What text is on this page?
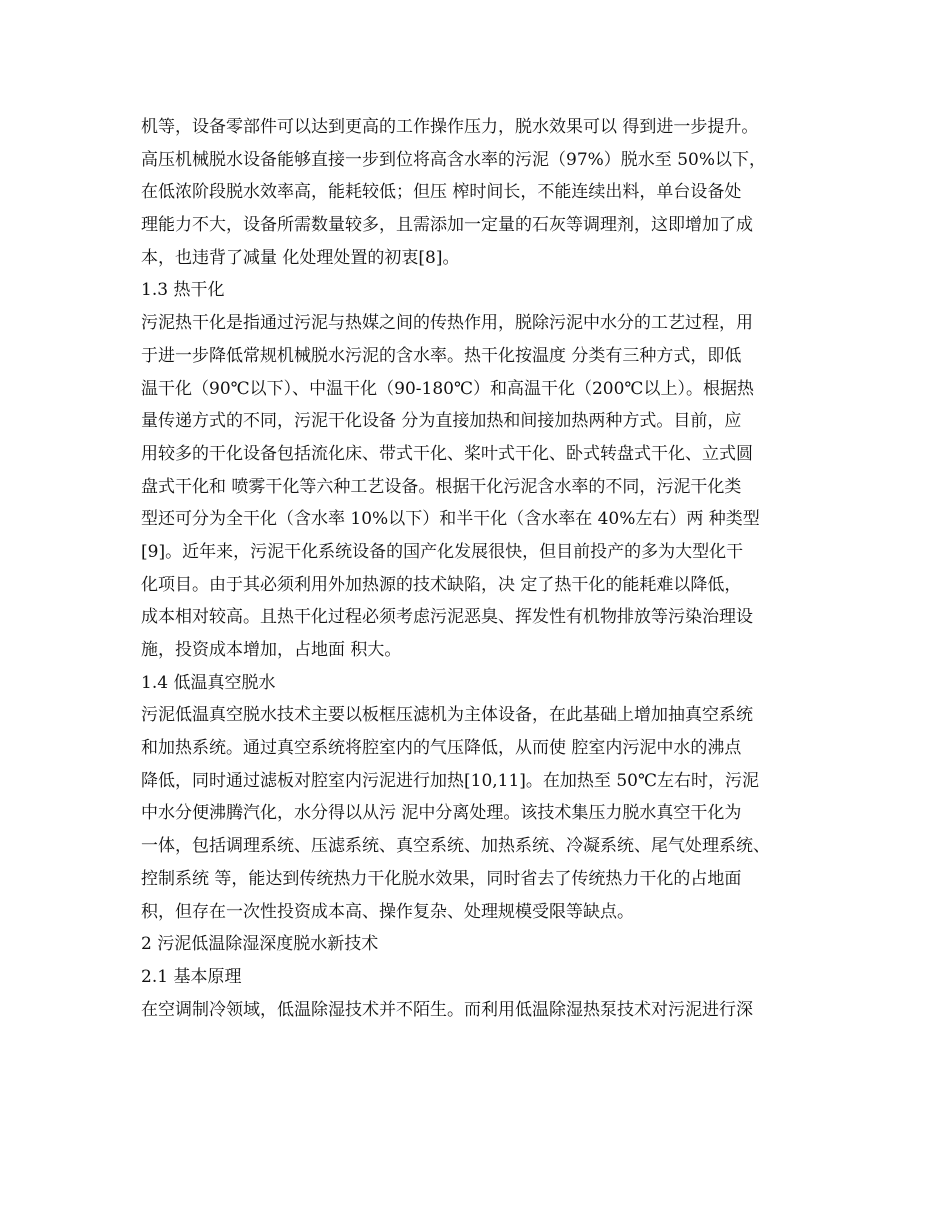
机等，设备零部件可以达到更高的工作操作压力，脱水效果可以 得到进一步提升。
高压机械脱水设备能够直接一步到位将高含水率的污泥（97%）脱水至 50%以下，
在低浓阶段脱水效率高，能耗较低；但压 榨时间长，不能连续出料，单台设备处
理能力不大，设备所需数量较多，且需添加一定量的石灰等调理剂，这即增加了成
本，也违背了减量 化处理处置的初衷[8]。
1.3 热干化
污泥热干化是指通过污泥与热媒之间的传热作用，脱除污泥中水分的工艺过程，用
于进一步降低常规机械脱水污泥的含水率。热干化按温度 分类有三种方式，即低
温干化（90℃以下）、中温干化（90-180℃）和高温干化（200℃以上）。根据热
量传递方式的不同，污泥干化设备 分为直接加热和间接加热两种方式。目前，应
用较多的干化设备包括流化床、带式干化、桨叶式干化、卧式转盘式干化、立式圆
盘式干化和 喷雾干化等六种工艺设备。根据干化污泥含水率的不同，污泥干化类
型还可分为全干化（含水率 10%以下）和半干化（含水率在 40%左右）两 种类型
[9]。近年来，污泥干化系统设备的国产化发展很快，但目前投产的多为大型化干
化项目。由于其必须利用外加热源的技术缺陷，决 定了热干化的能耗难以降低，
成本相对较高。且热干化过程必须考虑污泥恶臭、挥发性有机物排放等污染治理设
施，投资成本增加，占地面 积大。
1.4 低温真空脱水
污泥低温真空脱水技术主要以板框压滤机为主体设备，在此基础上增加抽真空系统
和加热系统。通过真空系统将腔室内的气压降低，从而使 腔室内污泥中水的沸点
降低，同时通过滤板对腔室内污泥进行加热[10,11]。在加热至 50℃左右时，污泥
中水分便沸腾汽化，水分得以从污 泥中分离处理。该技术集压力脱水真空干化为
一体，包括调理系统、压滤系统、真空系统、加热系统、冷凝系统、尾气处理系统、
控制系统 等，能达到传统热力干化脱水效果，同时省去了传统热力干化的占地面
积，但存在一次性投资成本高、操作复杂、处理规模受限等缺点。
2 污泥低温除湿深度脱水新技术
2.1 基本原理
在空调制冷领域，低温除湿技术并不陌生。而利用低温除湿热泵技术对污泥进行深
